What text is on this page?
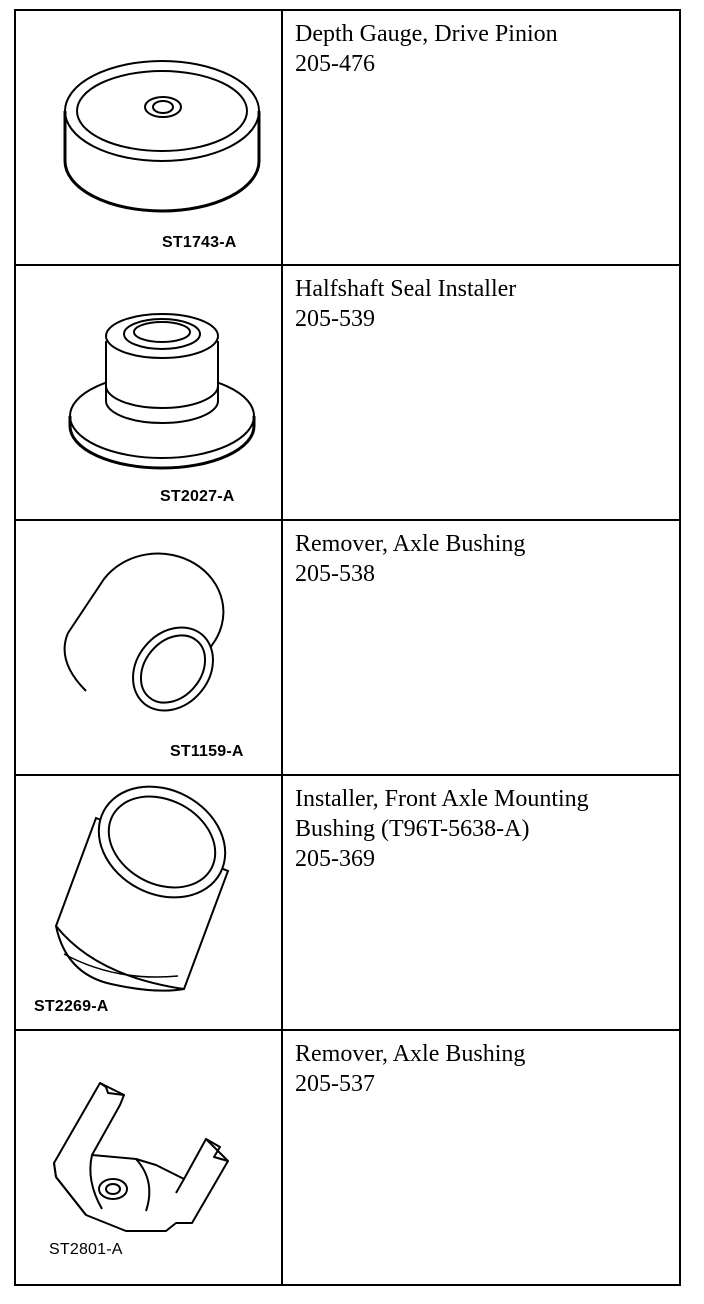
ST1743-A	Depth Gauge, Drive Pinion
205-476

ST2027-A	Halfshaft Seal Installer
205-539

ST1159-A	Remover, Axle Bushing
205-538

ST2269-A	Installer, Front Axle Mounting
Bushing (T96T-5638-A)
205-369

ST2801-A	Remover, Axle Bushing
205-537
